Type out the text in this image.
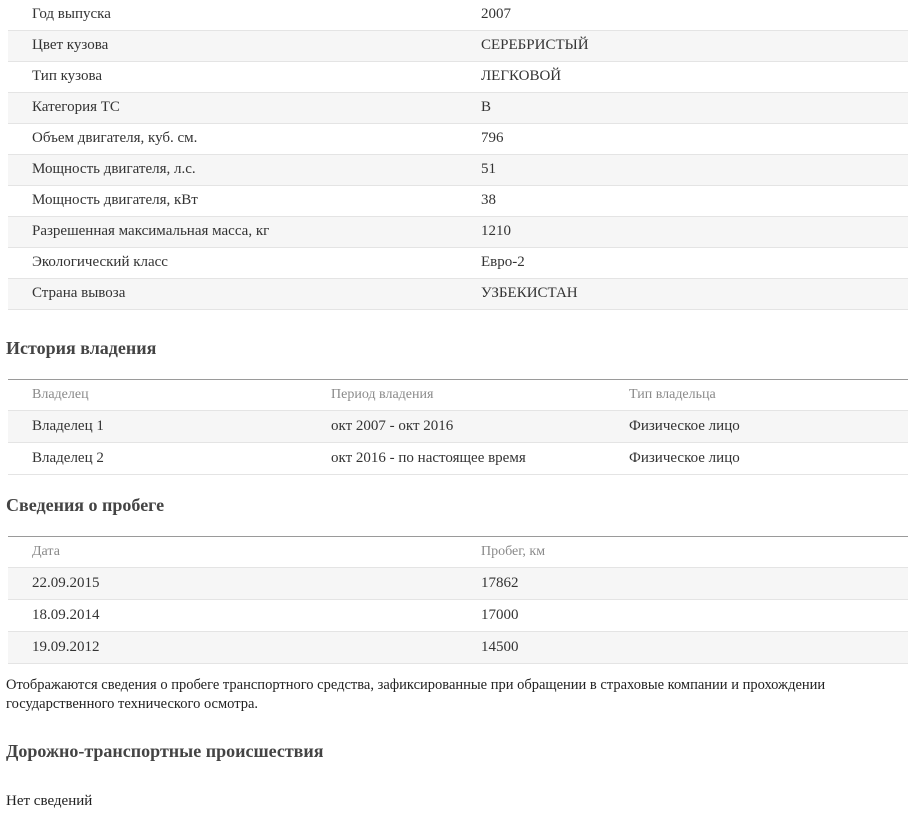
Год выпуска	2007
Цвет кузова	СЕРЕБРИСТЫЙ
Тип кузова	ЛЕГКОВОЙ
Категория ТС	B
Объем двигателя, куб. см.	796
Мощность двигателя, л.с.	51
Мощность двигателя, кВт	38
Разрешенная максимальная масса, кг	1210
Экологический класс	Евро-2
Страна вывоза	УЗБЕКИСТАН
История владения
Владелец	Период владения	Тип владельца
Владелец 1	окт 2007 - окт 2016	Физическое лицо
Владелец 2	окт 2016 - по настоящее время	Физическое лицо
Сведения о пробеге
Дата	Пробег, км
22.09.2015	17862
18.09.2014	17000
19.09.2012	14500
Отображаются сведения о пробеге транспортного средства, зафиксированные при обращении в страховые компании и прохождении государственного технического осмотра.
Дорожно-транспортные происшествия
Нет сведений
